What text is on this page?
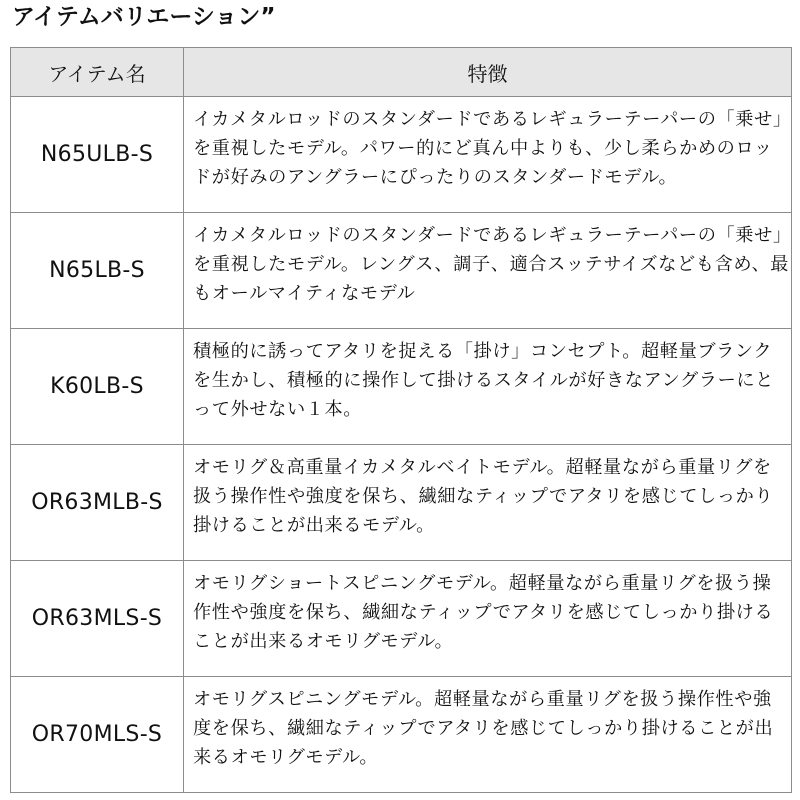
アイテムバリエーション”
アイテム名	特徴
N65ULB-S	イカメタルロッドのスタンダードであるレギュラーテーパーの「乗せ」を重視したモデル。パワー的にど真ん中よりも、少し柔らかめのロッドが好みのアングラーにぴったりのスタンダードモデル。
N65LB-S	イカメタルロッドのスタンダードであるレギュラーテーパーの「乗せ」を重視したモデル。レングス、調子、適合スッテサイズなども含め、最もオールマイティなモデル
K60LB-S	積極的に誘ってアタリを捉える「掛け」コンセプト。超軽量ブランクを生かし、積極的に操作して掛けるスタイルが好きなアングラーにとって外せない１本。
OR63MLB-S	オモリグ＆高重量イカメタルベイトモデル。超軽量ながら重量リグを扱う操作性や強度を保ち、繊細なティップでアタリを感じてしっかり掛けることが出来るモデル。
OR63MLS-S	オモリグショートスピニングモデル。超軽量ながら重量リグを扱う操作性や強度を保ち、繊細なティップでアタリを感じてしっかり掛けることが出来るオモリグモデル。
OR70MLS-S	オモリグスピニングモデル。超軽量ながら重量リグを扱う操作性や強度を保ち、繊細なティップでアタリを感じてしっかり掛けることが出来るオモリグモデル。
